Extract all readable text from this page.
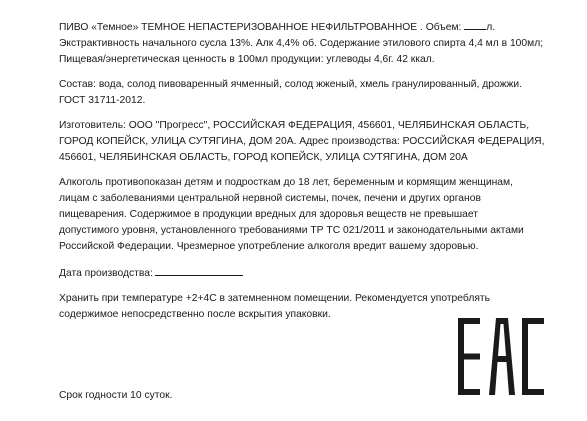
ПИВО «Темное» ТЕМНОЕ НЕПАСТЕРИЗОВАННОЕ НЕФИЛЬТРОВАННОЕ . Объем: л.
Экстрактивность начального сусла 13%. Алк 4,4% об. Содержание этилового спирта 4,4 мл в 100мл;
Пищевая/энергетическая ценность в 100мл продукции: углеводы 4,6г. 42 ккал.

Состав: вода, солод пивоваренный ячменный, солод жженый, хмель гранулированный, дрожжи.
ГОСТ 31711-2012.

Изготовитель: ООО "Прогресс", РОССИЙСКАЯ ФЕДЕРАЦИЯ, 456601, ЧЕЛЯБИНСКАЯ ОБЛАСТЬ,
ГОРОД КОПЕЙСК, УЛИЦА СУТЯГИНА, ДОМ 20А. Адрес производства: РОССИЙСКАЯ ФЕДЕРАЦИЯ,
456601, ЧЕЛЯБИНСКАЯ ОБЛАСТЬ, ГОРОД КОПЕЙСК, УЛИЦА СУТЯГИНА, ДОМ 20А

Алкоголь противопоказан детям и подросткам до 18 лет, беременным и кормящим женщинам,
лицам с заболеваниями центральной нервной системы, почек, печени и других органов
пищеварения. Содержимое в продукции вредных для здоровья веществ не превышает
допустимого уровня, установленного требованиями ТР ТС 021/2011 и законодательными актами
Российской Федерации. Чрезмерное употребление алкоголя вредит вашему здоровью.

Дата производства:

Хранить при температуре +2+4С в затемненном помещении. Рекомендуется употреблять
содержимое непосредственно после вскрытия упаковки.

Срок годности 10 суток.
